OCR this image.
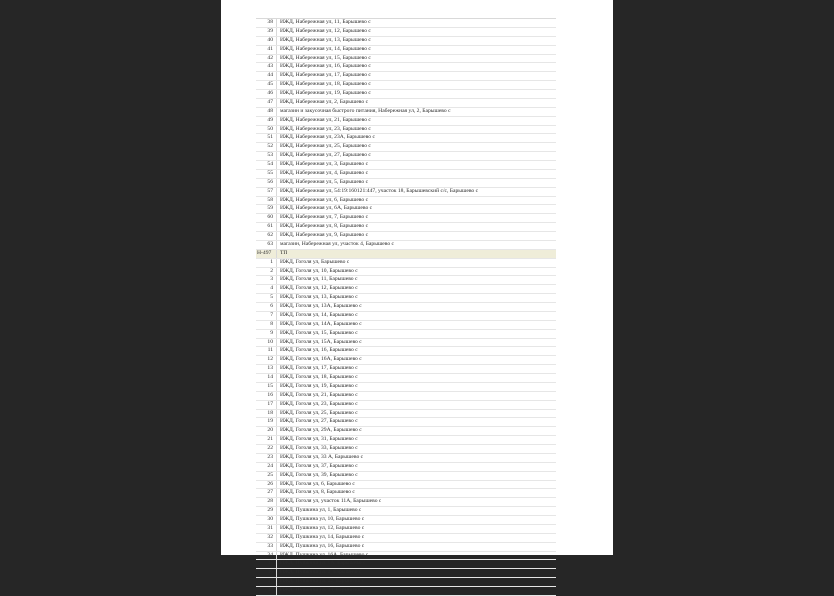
38	ИЖД, Набережная ул, 11, Барышево с
39	ИЖД, Набережная ул, 12, Барышево с
40	ИЖД, Набережная ул, 13, Барышево с
41	ИЖД, Набережная ул, 14, Барышево с
42	ИЖД, Набережная ул, 15, Барышево с
43	ИЖД, Набережная ул, 16, Барышево с
44	ИЖД, Набережная ул, 17, Барышево с
45	ИЖД, Набережная ул, 18, Барышево с
46	ИЖД, Набережная ул, 19, Барышево с
47	ИЖД, Набережная ул, 2, Барышево с
48	магазин и закусочная быстрого питания, Набережная ул, 2, Барышево с
49	ИЖД, Набережная ул, 21, Барышево с
50	ИЖД, Набережная ул, 23, Барышево с
51	ИЖД, Набережная ул, 23А, Барышево с
52	ИЖД, Набережная ул, 25, Барышево с
53	ИЖД, Набережная ул, 27, Барышево с
54	ИЖД, Набережная ул, 3, Барышево с
55	ИЖД, Набережная ул, 4, Барышево с
56	ИЖД, Набережная ул, 5, Барышево с
57	ИЖД, Набережная ул, 54:19:160121:447, участок 18, Барышевский с/с, Барышево с
58	ИЖД, Набережная ул, 6, Барышево с
59	ИЖД, Набережная ул, 6А, Барышево с
60	ИЖД, Набережная ул, 7, Барышево с
61	ИЖД, Набережная ул, 8, Барышево с
62	ИЖД, Набережная ул, 9, Барышево с
63	магазин, Набережная ул, участок 4, Барышево с
Н-497	ТП
1	ИЖД, Гоголя ул, Барышево с
2	ИЖД, Гоголя ул, 10, Барышево с
3	ИЖД, Гоголя ул, 11, Барышево с
4	ИЖД, Гоголя ул, 12, Барышево с
5	ИЖД, Гоголя ул, 13, Барышево с
6	ИЖД, Гоголя ул, 13А, Барышево с
7	ИЖД, Гоголя ул, 14, Барышево с
8	ИЖД, Гоголя ул, 14А, Барышево с
9	ИЖД, Гоголя ул, 15, Барышево с
10	ИЖД, Гоголя ул, 15А, Барышево с
11	ИЖД, Гоголя ул, 16, Барышево с
12	ИЖД, Гоголя ул, 16А, Барышево с
13	ИЖД, Гоголя ул, 17, Барышево с
14	ИЖД, Гоголя ул, 18, Барышево с
15	ИЖД, Гоголя ул, 19, Барышево с
16	ИЖД, Гоголя ул, 21, Барышево с
17	ИЖД, Гоголя ул, 23, Барышево с
18	ИЖД, Гоголя ул, 25, Барышево с
19	ИЖД, Гоголя ул, 27, Барышево с
20	ИЖД, Гоголя ул, 29А, Барышево с
21	ИЖД, Гоголя ул, 31, Барышево с
22	ИЖД, Гоголя ул, 33, Барышево с
23	ИЖД, Гоголя ул, 33 А, Барышево с
24	ИЖД, Гоголя ул, 37, Барышево с
25	ИЖД, Гоголя ул, 39, Барышево с
26	ИЖД, Гоголя ул, 6, Барышево с
27	ИЖД, Гоголя ул, 8, Барышево с
28	ИЖД, Гоголя ул, участок 11А, Барышево с
29	ИЖД, Пушкина ул, 1, Барышево с
30	ИЖД, Пушкина ул, 10, Барышево с
31	ИЖД, Пушкина ул, 12, Барышево с
32	ИЖД, Пушкина ул, 14, Барышево с
33	ИЖД, Пушкина ул, 16, Барышево с
34	ИЖД, Пушкина ул, 16А, Барышево с
35	ИЖД, Пушкина ул, 1А, Барышево с
36	ИЖД, Пушкина ул, 2, Барышево с
37	ИЖД, Пушкина ул, 22, Барышево с
38	ИЖД, Пушкина ул, 24, Барышево с
